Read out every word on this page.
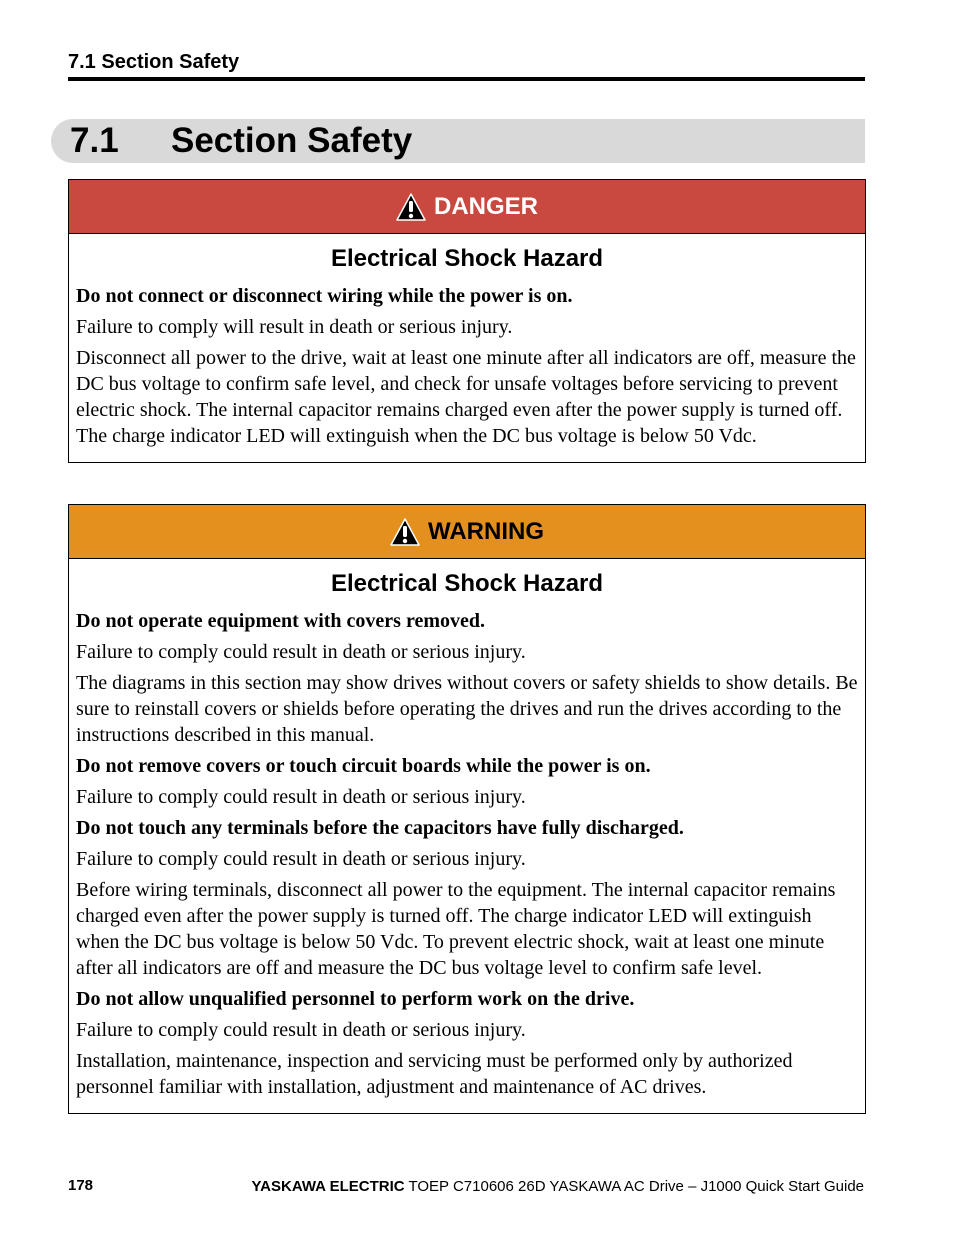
7.1 Section Safety
7.1 Section Safety
DANGER
Electrical Shock Hazard
Do not connect or disconnect wiring while the power is on.
Failure to comply will result in death or serious injury.
Disconnect all power to the drive, wait at least one minute after all indicators are off, measure the DC bus voltage to confirm safe level, and check for unsafe voltages before servicing to prevent electric shock. The internal capacitor remains charged even after the power supply is turned off. The charge indicator LED will extinguish when the DC bus voltage is below 50 Vdc.
WARNING
Electrical Shock Hazard
Do not operate equipment with covers removed.
Failure to comply could result in death or serious injury.
The diagrams in this section may show drives without covers or safety shields to show details. Be sure to reinstall covers or shields before operating the drives and run the drives according to the instructions described in this manual.
Do not remove covers or touch circuit boards while the power is on.
Failure to comply could result in death or serious injury.
Do not touch any terminals before the capacitors have fully discharged.
Failure to comply could result in death or serious injury.
Before wiring terminals, disconnect all power to the equipment. The internal capacitor remains charged even after the power supply is turned off. The charge indicator LED will extinguish when the DC bus voltage is below 50 Vdc. To prevent electric shock, wait at least one minute after all indicators are off and measure the DC bus voltage level to confirm safe level.
Do not allow unqualified personnel to perform work on the drive.
Failure to comply could result in death or serious injury.
Installation, maintenance, inspection and servicing must be performed only by authorized personnel familiar with installation, adjustment and maintenance of AC drives.
178	YASKAWA ELECTRIC TOEP C710606 26D YASKAWA AC Drive – J1000 Quick Start Guide
